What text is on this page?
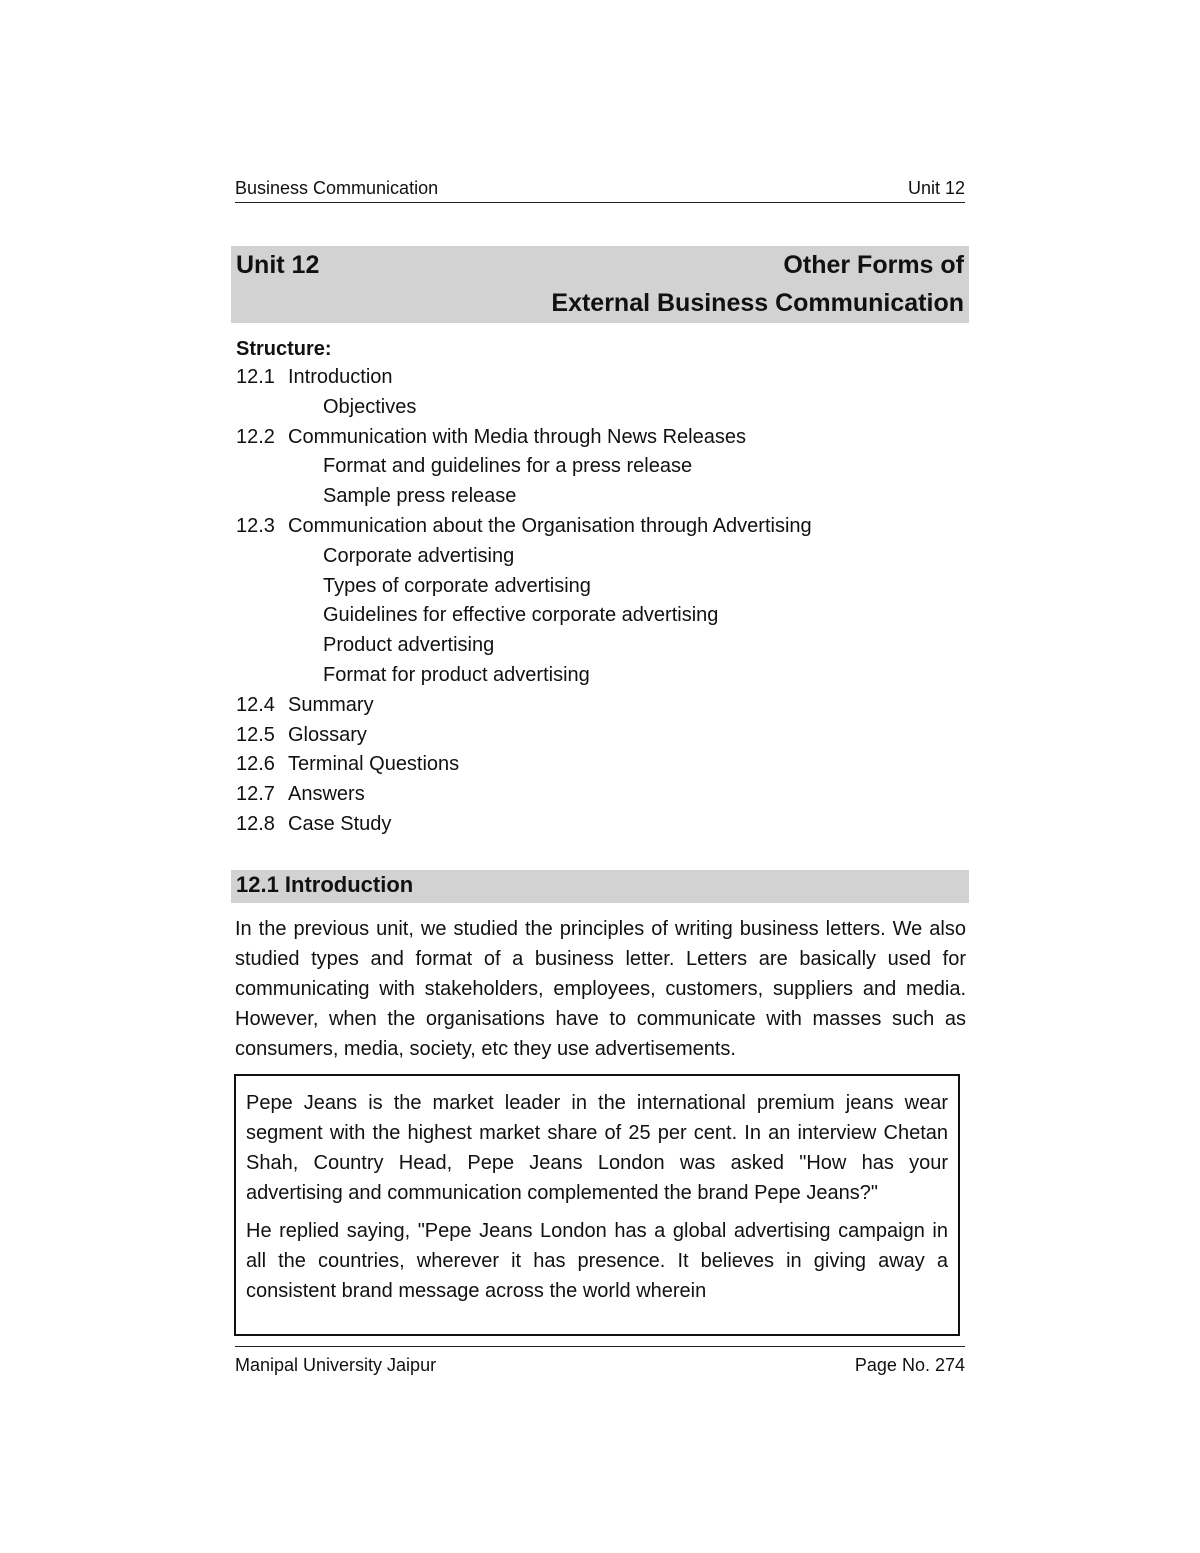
Business Communication	Unit 12
Unit 12	Other Forms of
External Business Communication
Structure:
12.1 Introduction
Objectives
12.2 Communication with Media through News Releases
Format and guidelines for a press release
Sample press release
12.3 Communication about the Organisation through Advertising
Corporate advertising
Types of corporate advertising
Guidelines for effective corporate advertising
Product advertising
Format for product advertising
12.4 Summary
12.5 Glossary
12.6 Terminal Questions
12.7 Answers
12.8 Case Study
12.1 Introduction

In the previous unit, we studied the principles of writing business letters. We also studied types and format of a business letter. Letters are basically used for communicating with stakeholders, employees, customers, suppliers and media. However, when the organisations have to communicate with masses such as consumers, media, society, etc they use advertisements.

Pepe Jeans is the market leader in the international premium jeans wear segment with the highest market share of 25 per cent. In an interview Chetan Shah, Country Head, Pepe Jeans London was asked "How has your advertising and communication complemented the brand Pepe Jeans?"

He replied saying, "Pepe Jeans London has a global advertising campaign in all the countries, wherever it has presence. It believes in giving away a consistent brand message across the world wherein

Manipal University Jaipur	Page No. 274
